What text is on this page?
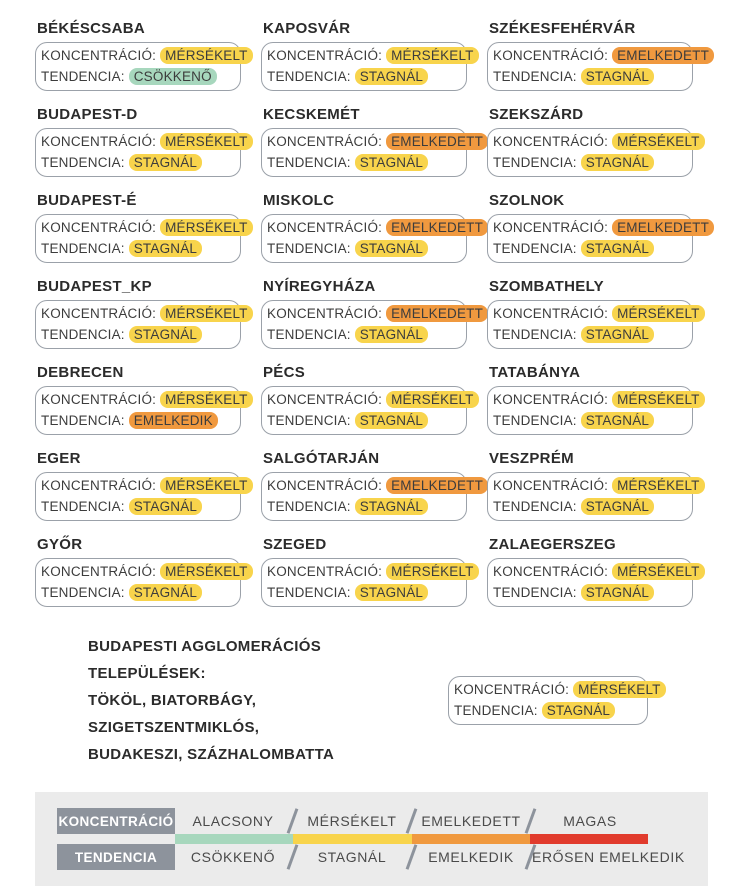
BÉKÉSCSABA
KONCENTRÁCIÓ: MÉRSÉKELT
TENDENCIA: CSÖKKENŐ
KAPOSVÁR
KONCENTRÁCIÓ: MÉRSÉKELT
TENDENCIA: STAGNÁL
SZÉKESFEHÉRVÁR
KONCENTRÁCIÓ: EMELKEDETT
TENDENCIA: STAGNÁL
BUDAPEST-D
KONCENTRÁCIÓ: MÉRSÉKELT
TENDENCIA: STAGNÁL
KECSKEMÉT
KONCENTRÁCIÓ: EMELKEDETT
TENDENCIA: STAGNÁL
SZEKSZÁRD
KONCENTRÁCIÓ: MÉRSÉKELT
TENDENCIA: STAGNÁL
BUDAPEST-É
KONCENTRÁCIÓ: MÉRSÉKELT
TENDENCIA: STAGNÁL
MISKOLC
KONCENTRÁCIÓ: EMELKEDETT
TENDENCIA: STAGNÁL
SZOLNOK
KONCENTRÁCIÓ: EMELKEDETT
TENDENCIA: STAGNÁL
BUDAPEST_KP
KONCENTRÁCIÓ: MÉRSÉKELT
TENDENCIA: STAGNÁL
NYÍREGYHÁZA
KONCENTRÁCIÓ: EMELKEDETT
TENDENCIA: STAGNÁL
SZOMBATHELY
KONCENTRÁCIÓ: MÉRSÉKELT
TENDENCIA: STAGNÁL
DEBRECEN
KONCENTRÁCIÓ: MÉRSÉKELT
TENDENCIA: EMELKEDIK
PÉCS
KONCENTRÁCIÓ: MÉRSÉKELT
TENDENCIA: STAGNÁL
TATABÁNYA
KONCENTRÁCIÓ: MÉRSÉKELT
TENDENCIA: STAGNÁL
EGER
KONCENTRÁCIÓ: MÉRSÉKELT
TENDENCIA: STAGNÁL
SALGÓTARJÁN
KONCENTRÁCIÓ: EMELKEDETT
TENDENCIA: STAGNÁL
VESZPRÉM
KONCENTRÁCIÓ: MÉRSÉKELT
TENDENCIA: STAGNÁL
GYŐR
KONCENTRÁCIÓ: MÉRSÉKELT
TENDENCIA: STAGNÁL
SZEGED
KONCENTRÁCIÓ: MÉRSÉKELT
TENDENCIA: STAGNÁL
ZALAEGERSZEG
KONCENTRÁCIÓ: MÉRSÉKELT
TENDENCIA: STAGNÁL
BUDAPESTI AGGLOMERÁCIÓS TELEPÜLÉSEK:
TÖKÖL, BIATORBÁGY, SZIGETSZENTMIKLÓS,
BUDAKESZI, SZÁZHALOMBATTA
KONCENTRÁCIÓ: MÉRSÉKELT
TENDENCIA: STAGNÁL
KONCENTRÁCIÓ	ALACSONY	MÉRSÉKELT	EMELKEDETT	MAGAS
TENDENCIA	CSÖKKENŐ	STAGNÁL	EMELKEDIK	ERŐSEN EMELKEDIK
